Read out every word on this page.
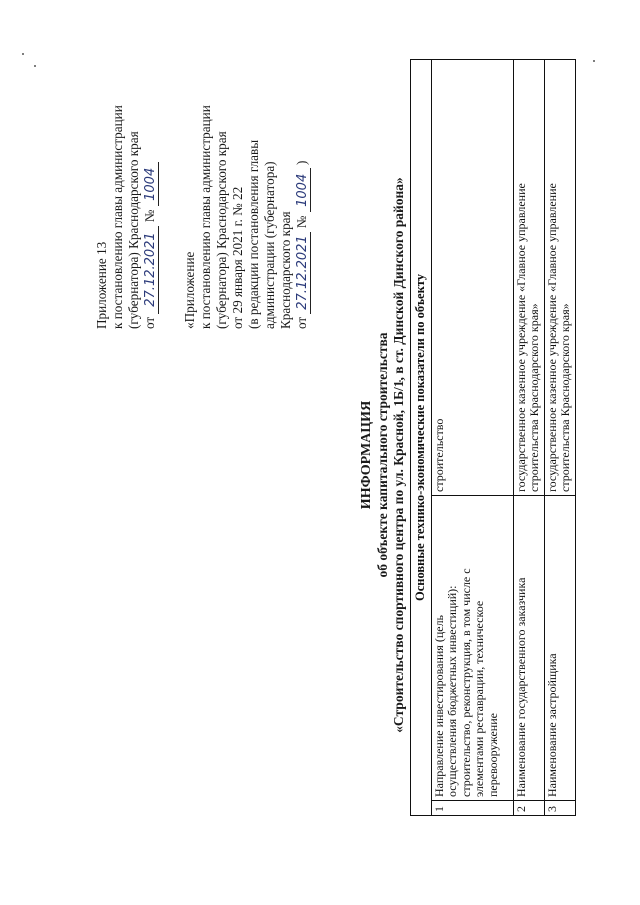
Приложение 13 к постановлению главы администрации (губернатора) Краснодарского края от 27.12.2021 № 1004
«Приложение к постановлению главы администрации (губернатора) Краснодарского края от 29 января 2021 г. № 22 (в редакции постановления главы администрации (губернатора) Краснодарского края от 27.12.2021 № 1004 )
ИНФОРМАЦИЯ об объекте капитального строительства «Строительство спортивного центра по ул. Красной, 1Б/1, в ст. Динской Динского района» Основные технико-экономические показатели по объекту		
1	Направление инвестирования (цель осуществления бюджетных инвестиций): строительство, реконструкция, в том числе с элементами реставрации, техническое перевооружение	строительство

2	Наименование государственного заказчика	государственное казенное учреждение «Главное управление строительства Краснодарского края»

3	Наименование застройщика	государственное казенное учреждение «Главное управление строительства Краснодарского края»
